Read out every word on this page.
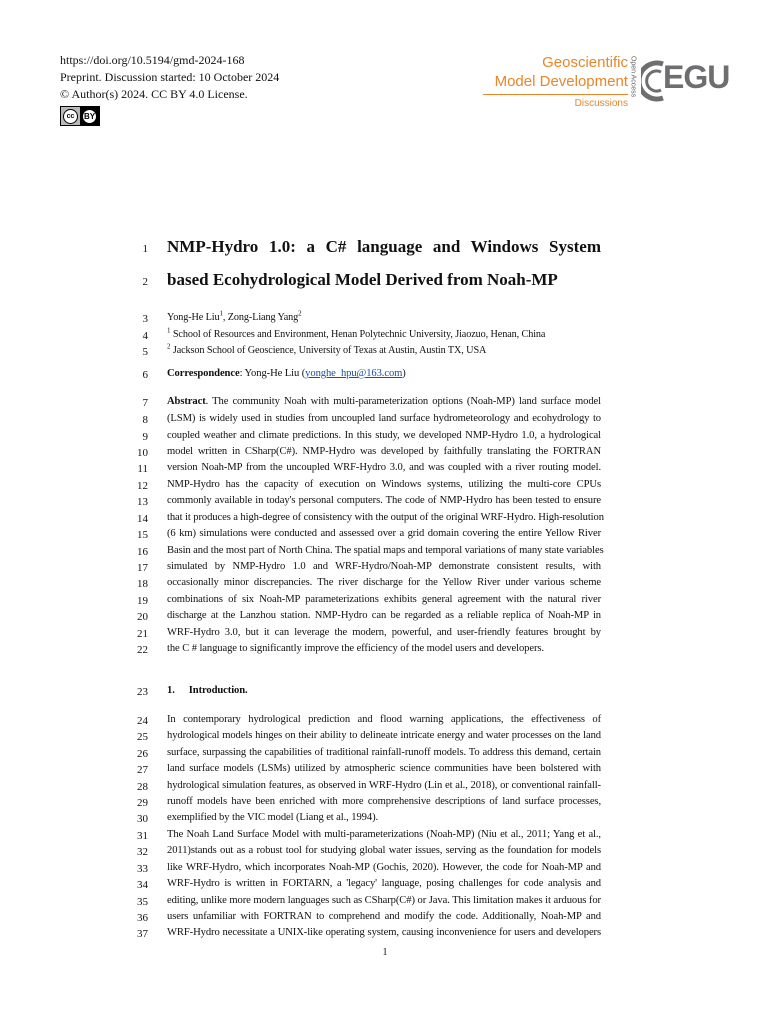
https://doi.org/10.5194/gmd-2024-168
Preprint. Discussion started: 10 October 2024
© Author(s) 2024. CC BY 4.0 License.
cc	BY
Geoscientific
Model Development
Discussions
Open Access EGU
1
2
3
4
5
6
7
8
9
10
11
12
13
14
15
16
17
18
19
20
21
22
23
24
25
26
27
28
29
30
31
32
33
34
35
36
37
NMP-Hydro 1.0: a C# language and Windows System
based Ecohydrological Model Derived from Noah-MP
Yong-He Liu$^1$, Zong-Liang Yang$^2$
$^1$ School of Resources and Environment, Henan Polytechnic University, Jiaozuo, Henan, China
$^2$ Jackson School of Geoscience, University of Texas at Austin, Austin TX, USA
Correspondence: Yong-He Liu (yonghe_hpu@163.com)
Abstract. The community Noah with multi-parameterization options (Noah-MP) land surface model
(LSM) is widely used in studies from uncoupled land surface hydrometeorology and ecohydrology to
coupled weather and climate predictions. In this study, we developed NMP-Hydro 1.0, a hydrological
model written in CSharp(C#). NMP-Hydro was developed by faithfully translating the FORTRAN
version Noah-MP from the uncoupled WRF-Hydro 3.0, and was coupled with a river routing model.
NMP-Hydro has the capacity of execution on Windows systems, utilizing the multi-core CPUs
commonly available in today's personal computers. The code of NMP-Hydro has been tested to ensure
that it produces a high-degree of consistency with the output of the original WRF-Hydro. High-resolution
(6 km) simulations were conducted and assessed over a grid domain covering the entire Yellow River
Basin and the most part of North China. The spatial maps and temporal variations of many state variables
simulated by NMP-Hydro 1.0 and WRF-Hydro/Noah-MP demonstrate consistent results, with
occasionally minor discrepancies. The river discharge for the Yellow River under various scheme
combinations of six Noah-MP parameterizations exhibits general agreement with the natural river
discharge at the Lanzhou station. NMP-Hydro can be regarded as a reliable replica of Noah-MP in
WRF-Hydro 3.0, but it can leverage the modern, powerful, and user-friendly features brought by
the C # language to significantly improve the efficiency of the model users and developers.
1. Introduction.
In contemporary hydrological prediction and flood warning applications, the effectiveness of
hydrological models hinges on their ability to delineate intricate energy and water processes on the land
surface, surpassing the capabilities of traditional rainfall-runoff models. To address this demand, certain
land surface models (LSMs) utilized by atmospheric science communities have been bolstered with
hydrological simulation features, as observed in WRF-Hydro (Lin et al., 2018), or conventional rainfall-
runoff models have been enriched with more comprehensive descriptions of land surface processes,
exemplified by the VIC model (Liang et al., 1994).
The Noah Land Surface Model with multi-parameterizations (Noah-MP) (Niu et al., 2011; Yang et al.,
2011)stands out as a robust tool for studying global water issues, serving as the foundation for models
like WRF-Hydro, which incorporates Noah-MP (Gochis, 2020). However, the code for Noah-MP and
WRF-Hydro is written in FORTARN, a 'legacy' language, posing challenges for code analysis and
editing, unlike more modern languages such as CSharp(C#) or Java. This limitation makes it arduous for
users unfamiliar with FORTRAN to comprehend and modify the code. Additionally, Noah-MP and
WRF-Hydro necessitate a UNIX-like operating system, causing inconvenience for users and developers
1
